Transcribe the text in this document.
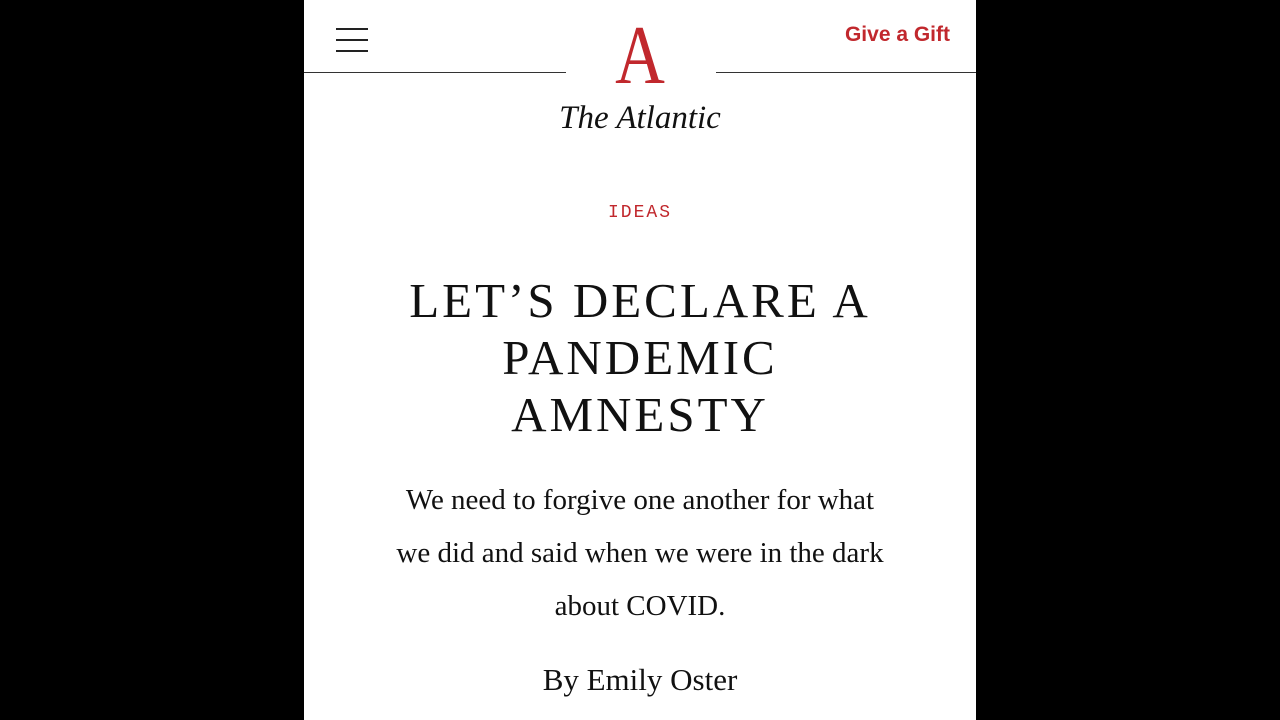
A
The Atlantic
Give a Gift
IDEAS
LET’S DECLARE A
PANDEMIC
AMNESTY
We need to forgive one another for what
we did and said when we were in the dark
about COVID.
By Emily Oster
